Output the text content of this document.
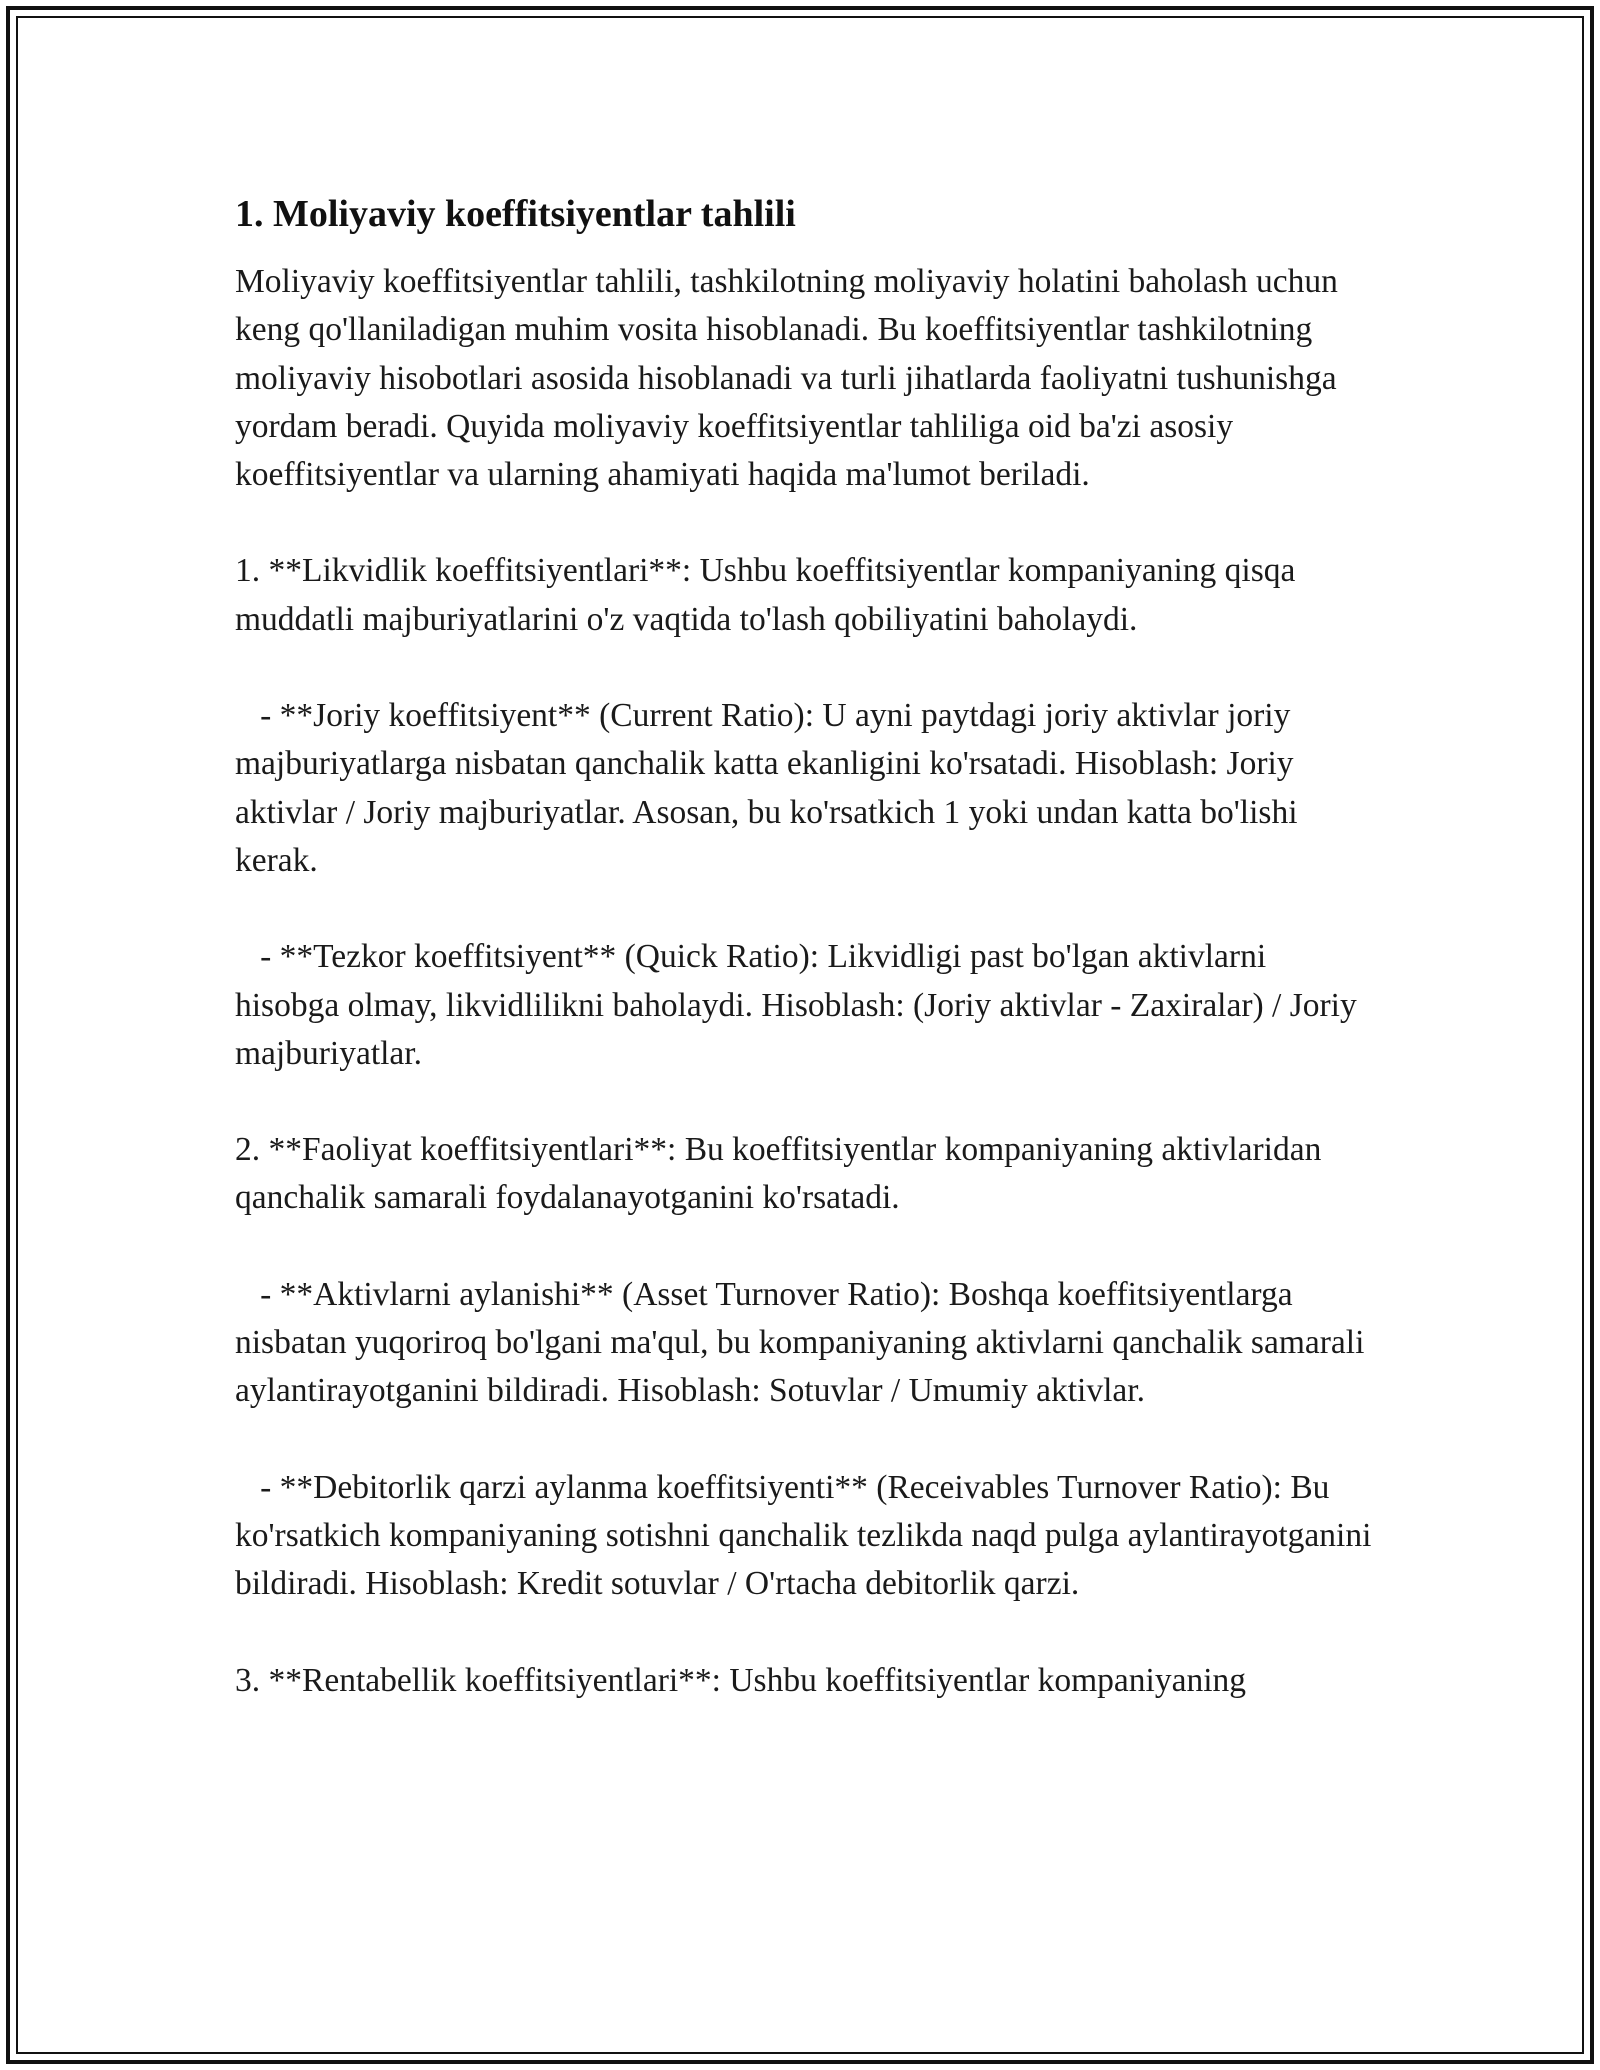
1. Moliyaviy koeffitsiyentlar tahlili

Moliyaviy koeffitsiyentlar tahlili, tashkilotning moliyaviy holatini baholash uchun keng qo'llaniladigan muhim vosita hisoblanadi. Bu koeffitsiyentlar tashkilotning moliyaviy hisobotlari asosida hisoblanadi va turli jihatlarda faoliyatni tushunishga yordam beradi. Quyida moliyaviy koeffitsiyentlar tahliliga oid ba'zi asosiy koeffitsiyentlar va ularning ahamiyati haqida ma'lumot beriladi.

1. **Likvidlik koeffitsiyentlari**: Ushbu koeffitsiyentlar kompaniyaning qisqa muddatli majburiyatlarini o'z vaqtida to'lash qobiliyatini baholaydi.

- **Joriy koeffitsiyent** (Current Ratio): U ayni paytdagi joriy aktivlar joriy majburiyatlarga nisbatan qanchalik katta ekanligini ko'rsatadi. Hisoblash: Joriy aktivlar / Joriy majburiyatlar. Asosan, bu ko'rsatkich 1 yoki undan katta bo'lishi kerak.

- **Tezkor koeffitsiyent** (Quick Ratio): Likvidligi past bo'lgan aktivlarni hisobga olmay, likvidlilikni baholaydi. Hisoblash: (Joriy aktivlar - Zaxiralar) / Joriy majburiyatlar.

2. **Faoliyat koeffitsiyentlari**: Bu koeffitsiyentlar kompaniyaning aktivlaridan qanchalik samarali foydalanayotganini ko'rsatadi.

- **Aktivlarni aylanishi** (Asset Turnover Ratio): Boshqa koeffitsiyentlarga nisbatan yuqoriroq bo'lgani ma'qul, bu kompaniyaning aktivlarni qanchalik samarali aylantirayotganini bildiradi. Hisoblash: Sotuvlar / Umumiy aktivlar.

- **Debitorlik qarzi aylanma koeffitsiyenti** (Receivables Turnover Ratio): Bu ko'rsatkich kompaniyaning sotishni qanchalik tezlikda naqd pulga aylantirayotganini bildiradi. Hisoblash: Kredit sotuvlar / O'rtacha debitorlik qarzi.

3. **Rentabellik koeffitsiyentlari**: Ushbu koeffitsiyentlar kompaniyaning
